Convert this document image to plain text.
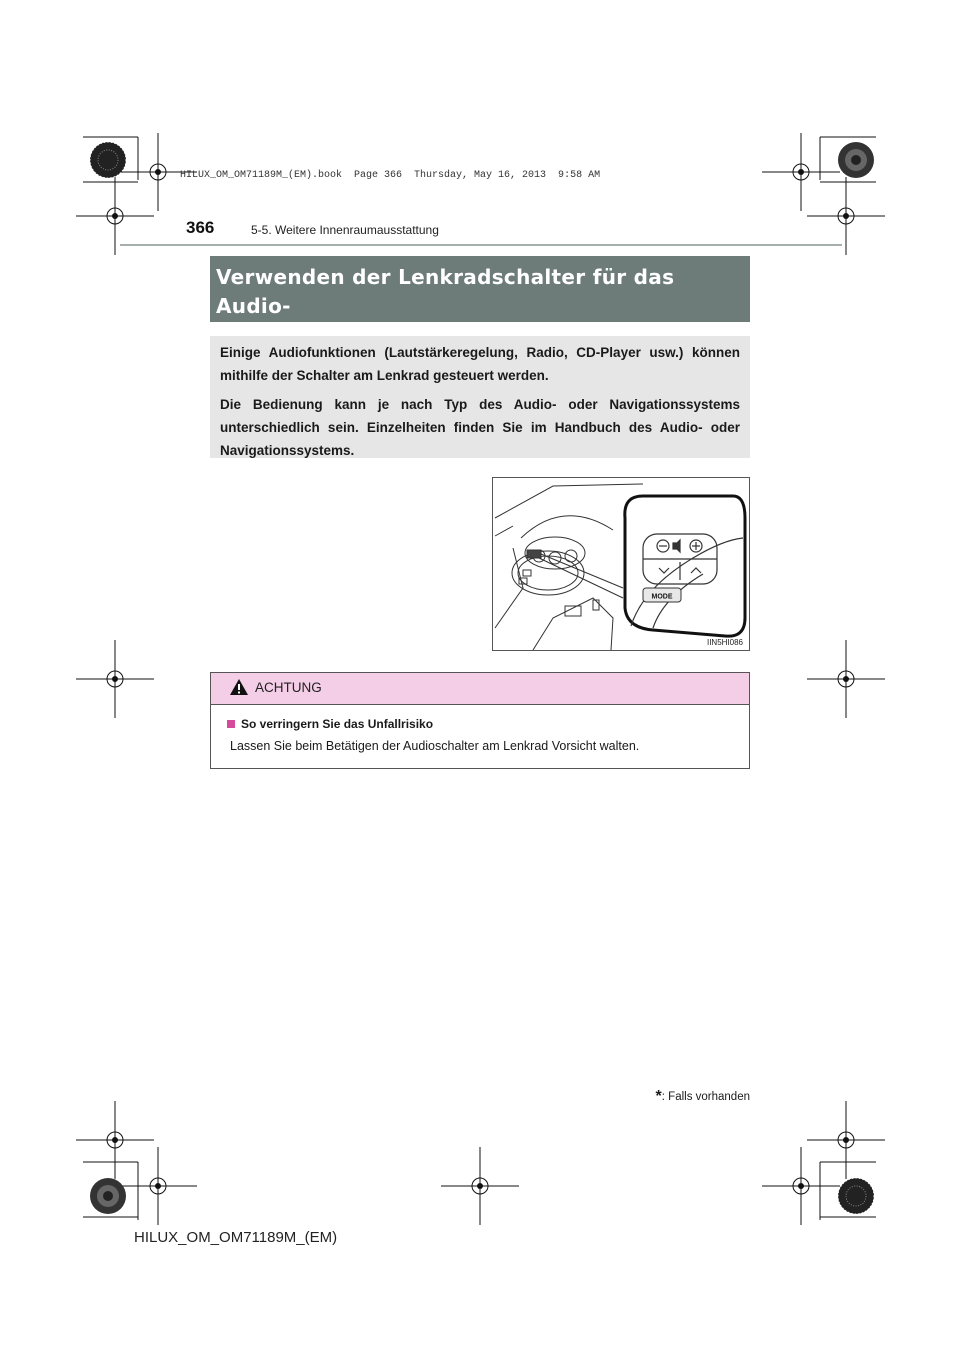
HILUX_OM_OM71189M_(EM).book  Page 366  Thursday, May 16, 2013  9:58 AM
366	5-5. Weitere Innenraumausstattung
Verwenden der Lenkradschalter für das Audio-

Einige Audiofunktionen (Lautstärkeregelung, Radio, CD-Player usw.) können mithilfe der Schalter am Lenkrad gesteuert werden.

Die Bedienung kann je nach Typ des Audio- oder Navigationssystems unterschiedlich sein. Einzelheiten finden Sie im Handbuch des Audio- oder Navigationssystems.

MODE
IIN5HI086
ACHTUNG
So verringern Sie das Unfallrisiko
Lassen Sie beim Betätigen der Audioschalter am Lenkrad Vorsicht walten.
*: Falls vorhanden
HILUX_OM_OM71189M_(EM)
